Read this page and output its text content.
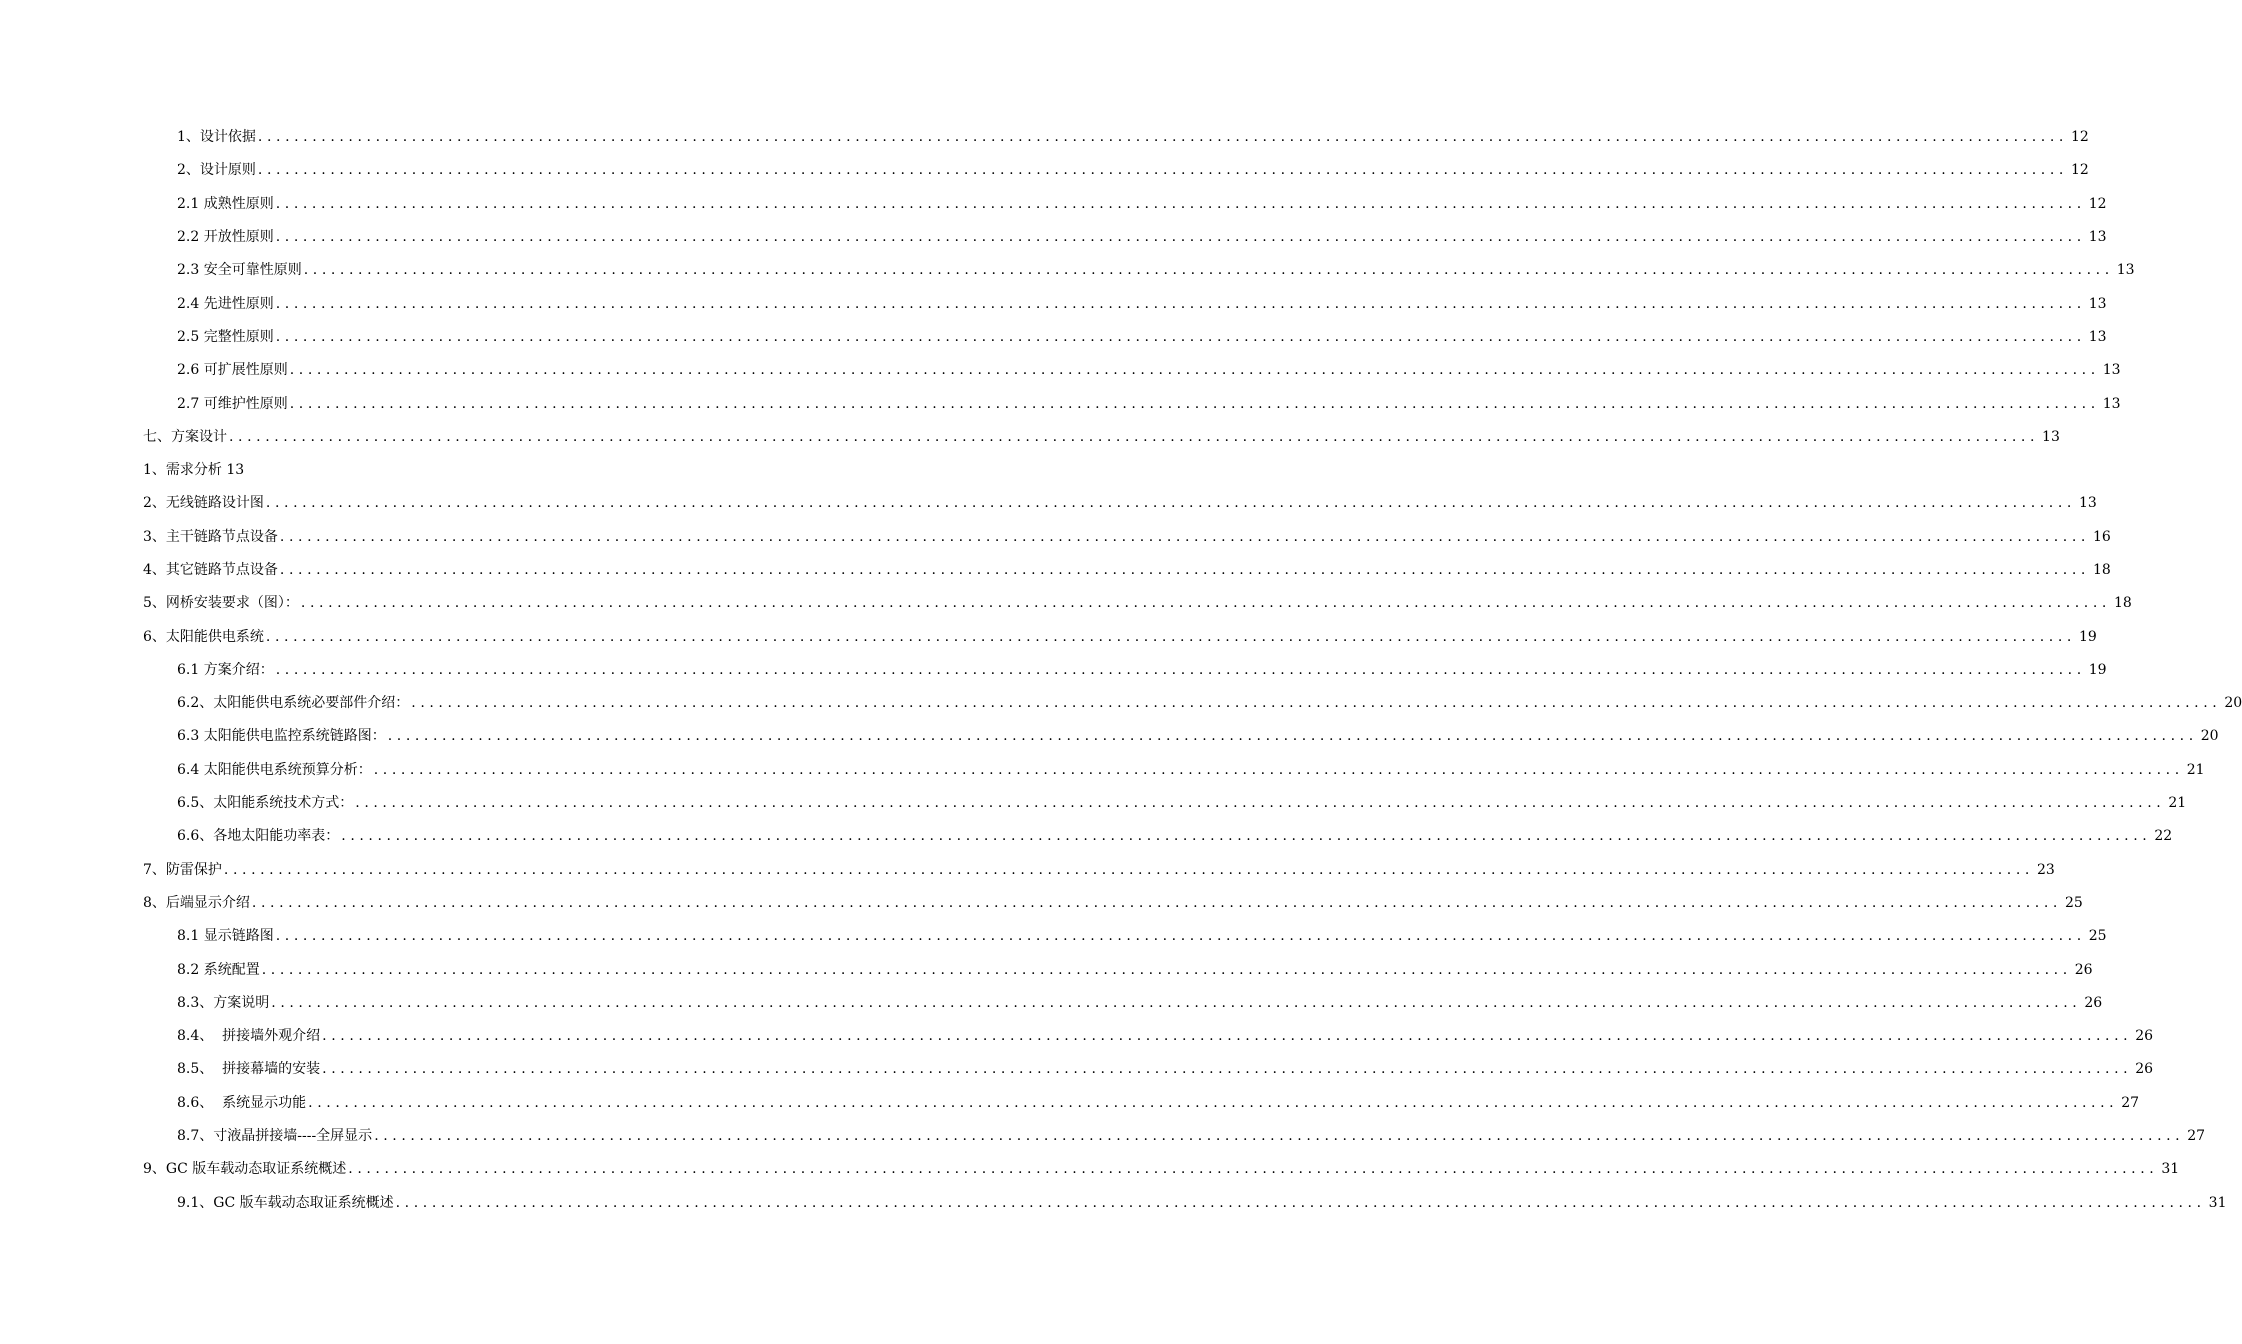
1、设计依据 ........................................................................................................................................................................................................ 12
2、设计原则 ........................................................................................................................................................................................................ 12
2.1 成熟性原则 ........................................................................................................................................................................................................ 12
2.2 开放性原则 ........................................................................................................................................................................................................ 13
2.3 安全可靠性原则 ........................................................................................................................................................................................................ 13
2.4 先进性原则 ........................................................................................................................................................................................................ 13
2.5 完整性原则 ........................................................................................................................................................................................................ 13
2.6 可扩展性原则 ........................................................................................................................................................................................................ 13
2.7 可维护性原则 ........................................................................................................................................................................................................ 13
七、方案设计 ........................................................................................................................................................................................................ 13
1、需求分析 13
2、无线链路设计图 ........................................................................................................................................................................................................ 13
3、主干链路节点设备 ........................................................................................................................................................................................................ 16
4、其它链路节点设备 ........................................................................................................................................................................................................ 18
5、网桥安装要求（图）： ........................................................................................................................................................................................................ 18
6、太阳能供电系统 ........................................................................................................................................................................................................ 19
6.1 方案介绍： ........................................................................................................................................................................................................ 19
6.2、太阳能供电系统必要部件介绍： ........................................................................................................................................................................................................ 20
6.3 太阳能供电监控系统链路图： ........................................................................................................................................................................................................ 20
6.4 太阳能供电系统预算分析： ........................................................................................................................................................................................................ 21
6.5、太阳能系统技术方式： ........................................................................................................................................................................................................ 21
6.6、各地太阳能功率表： ........................................................................................................................................................................................................ 22
7、防雷保护 ........................................................................................................................................................................................................ 23
8、后端显示介绍 ........................................................................................................................................................................................................ 25
8.1 显示链路图 ........................................................................................................................................................................................................ 25
8.2 系统配置 ........................................................................................................................................................................................................ 26
8.3、方案说明 ........................................................................................................................................................................................................ 26
8.4、  拼接墙外观介绍 ........................................................................................................................................................................................................ 26
8.5、  拼接幕墙的安装 ........................................................................................................................................................................................................ 26
8.6、  系统显示功能 ........................................................................................................................................................................................................ 27
8.7、寸液晶拼接墙----全屏显示 ........................................................................................................................................................................................................ 27
9、GC 版车载动态取证系统概述 ........................................................................................................................................................................................................ 31
9.1、GC 版车载动态取证系统概述 ........................................................................................................................................................................................................ 31
